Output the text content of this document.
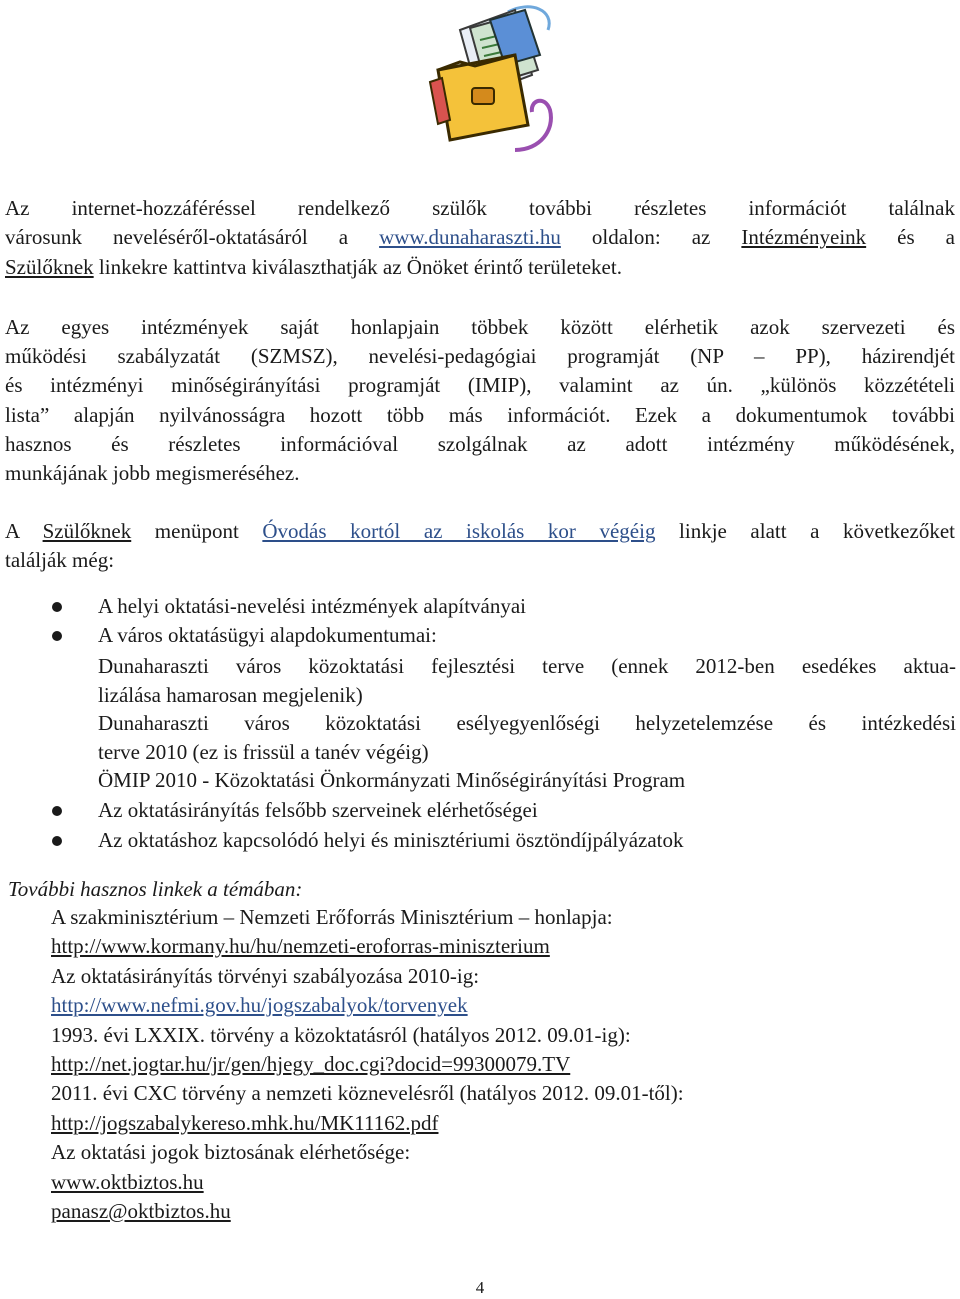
Az internet-hozzáféréssel rendelkező szülők további részletes információt találnak
városunk neveléséről-oktatásáról a www.dunaharaszti.hu oldalon: az Intézményeink és a
Szülőknek linkekre kattintva kiválaszthatják az Önöket érintő területeket.
Az egyes intézmények saját honlapjain többek között elérhetik azok szervezeti és
működési szabályzatát (SZMSZ), nevelési-pedagógiai programját (NP – PP), házirendjét
és intézményi minőségirányítási programját (IMIP), valamint az ún. „különös közzétételi
lista” alapján nyilvánosságra hozott több más információt. Ezek a dokumentumok további
hasznos és részletes információval szolgálnak az adott intézmény működésének,
munkájának jobb megismeréséhez.
A Szülőknek menüpont Óvodás kortól az iskolás kor végéig linkje alatt a következőket
találják még:
A helyi oktatási-nevelési intézmények alapítványai
A város oktatásügyi alapdokumentumai:
Dunaharaszti város közoktatási fejlesztési terve (ennek 2012-ben esedékes aktua-
lizálása hamarosan megjelenik)
Dunaharaszti város közoktatási esélyegyenlőségi helyzetelemzése és intézkedési
terve 2010 (ez is frissül a tanév végéig)
ÖMIP 2010 - Közoktatási Önkormányzati Minőségirányítási Program
Az oktatásirányítás felsőbb szerveinek elérhetőségei
Az oktatáshoz kapcsolódó helyi és minisztériumi ösztöndíjpályázatok
További hasznos linkek a témában:
A szakminisztérium – Nemzeti Erőforrás Minisztérium – honlapja:
http://www.kormany.hu/hu/nemzeti-eroforras-miniszterium
Az oktatásirányítás törvényi szabályozása 2010-ig:
http://www.nefmi.gov.hu/jogszabalyok/torvenyek
1993. évi LXXIX. törvény a közoktatásról (hatályos 2012. 09.01-ig):
http://net.jogtar.hu/jr/gen/hjegy_doc.cgi?docid=99300079.TV
2011. évi CXC törvény a nemzeti köznevelésről (hatályos 2012. 09.01-től):
http://jogszabalykereso.mhk.hu/MK11162.pdf
Az oktatási jogok biztosának elérhetősége:
www.oktbiztos.hu
panasz@oktbiztos.hu
4
